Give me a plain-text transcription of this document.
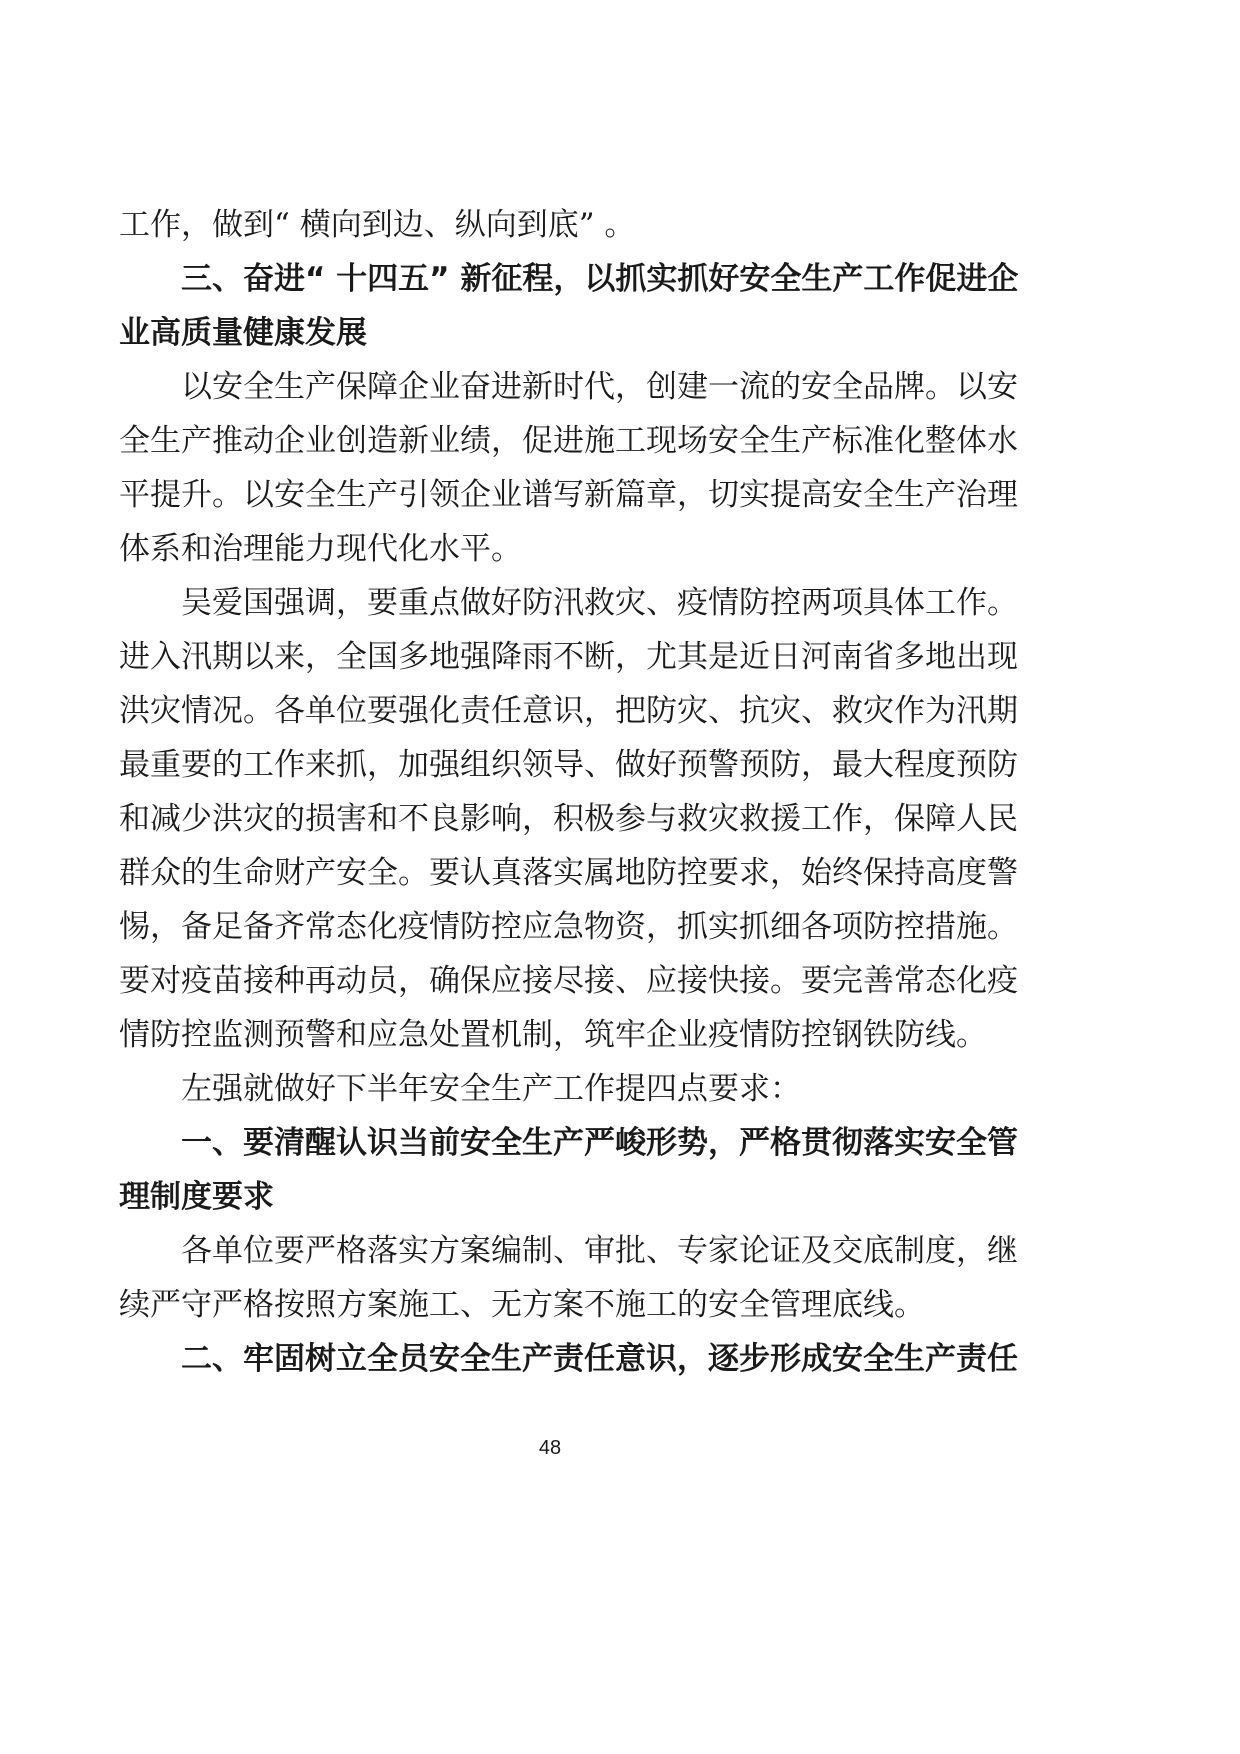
工作，做到“ 横向到边、纵向到底” 。

三、奋进“ 十四五” 新征程，以抓实抓好安全生产工作促进企

业高质量健康发展

以安全生产保障企业奋进新时代，创建一流的安全品牌。以安

全生产推动企业创造新业绩，促进施工现场安全生产标准化整体水

平提升。以安全生产引领企业谱写新篇章，切实提高安全生产治理

体系和治理能力现代化水平。

吴爱国强调，要重点做好防汛救灾、疫情防控两项具体工作。

进入汛期以来，全国多地强降雨不断，尤其是近日河南省多地出现

洪灾情况。各单位要强化责任意识，把防灾、抗灾、救灾作为汛期

最重要的工作来抓，加强组织领导、做好预警预防，最大程度预防

和减少洪灾的损害和不良影响，积极参与救灾救援工作，保障人民

群众的生命财产安全。要认真落实属地防控要求，始终保持高度警

惕，备足备齐常态化疫情防控应急物资，抓实抓细各项防控措施。

要对疫苗接种再动员，确保应接尽接、应接快接。要完善常态化疫

情防控监测预警和应急处置机制，筑牢企业疫情防控钢铁防线。

左强就做好下半年安全生产工作提四点要求：

一、要清醒认识当前安全生产严峻形势，严格贯彻落实安全管

理制度要求

各单位要严格落实方案编制、审批、专家论证及交底制度，继

续严守严格按照方案施工、无方案不施工的安全管理底线。

二、牢固树立全员安全生产责任意识，逐步形成安全生产责任

48
